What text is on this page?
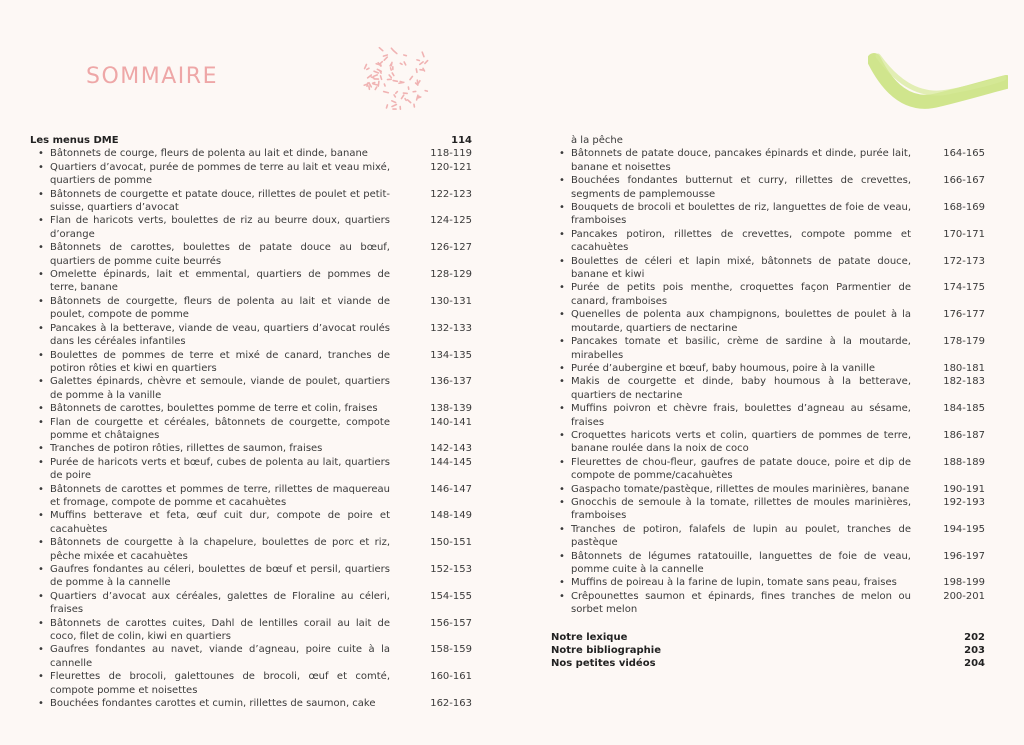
SOMMAIRE
Les menus DME	114
• Bâtonnets de courge, fleurs de polenta au lait et dinde, banane	118-119
• Quartiers d’avocat, purée de pommes de terre au lait et veau mixé, quartiers de pomme
120-121
• Bâtonnets de courgette et patate douce, rillettes de poulet et petit-suisse, quartiers d’avocat
122-123
• Flan de haricots verts, boulettes de riz au beurre doux, quartiers d’orange
124-125
• Bâtonnets de carottes, boulettes de patate douce au bœuf, quartiers de pomme cuite beurrés
126-127
• Omelette épinards, lait et emmental, quartiers de pommes de terre, banane
128-129
• Bâtonnets de courgette, fleurs de polenta au lait et viande de poulet, compote de pomme
130-131
• Pancakes à la betterave, viande de veau, quartiers d’avocat roulés dans les céréales infantiles
132-133
• Boulettes de pommes de terre et mixé de canard, tranches de potiron rôties et kiwi en quartiers
134-135
• Galettes épinards, chèvre et semoule, viande de poulet, quartiers de pomme à la vanille
136-137
• Bâtonnets de carottes, boulettes pomme de terre et colin, fraises	138-139
• Flan de courgette et céréales, bâtonnets de courgette, compote pomme et châtaignes
140-141
• Tranches de potiron rôties, rillettes de saumon, fraises	142-143
• Purée de haricots verts et bœuf, cubes de polenta au lait, quartiers de poire
144-145
• Bâtonnets de carottes et pommes de terre, rillettes de maquereau et fromage, compote de pomme et cacahuètes
146-147
• Muffins betterave et feta, œuf cuit dur, compote de poire et cacahuètes
148-149
• Bâtonnets de courgette à la chapelure, boulettes de porc et riz, pêche mixée et cacahuètes
150-151
• Gaufres fondantes au céleri, boulettes de bœuf et persil, quartiers de pomme à la cannelle
152-153
• Quartiers d’avocat aux céréales, galettes de Floraline au céleri, fraises
154-155
• Bâtonnets de carottes cuites, Dahl de lentilles corail au lait de coco, filet de colin, kiwi en quartiers
156-157
• Gaufres fondantes au navet, viande d’agneau, poire cuite à la cannelle
158-159
• Fleurettes de brocoli, galettounes de brocoli, œuf et comté, compote pomme et noisettes
160-161
• Bouchées fondantes carottes et cumin, rillettes de saumon, cake	162-163
à la pêche
• Bâtonnets de patate douce, pancakes épinards et dinde, purée lait, banane et noisettes
164-165
• Bouchées fondantes butternut et curry, rillettes de crevettes, segments de pamplemousse
166-167
• Bouquets de brocoli et boulettes de riz, languettes de foie de veau, framboises
168-169
• Pancakes potiron, rillettes de crevettes, compote pomme et cacahuètes
170-171
• Boulettes de céleri et lapin mixé, bâtonnets de patate douce, banane et kiwi
172-173
• Purée de petits pois menthe, croquettes façon Parmentier de canard, framboises
174-175
• Quenelles de polenta aux champignons, boulettes de poulet à la moutarde, quartiers de nectarine
176-177
• Pancakes tomate et basilic, crème de sardine à la moutarde, mirabelles
178-179
• Purée d’aubergine et bœuf, baby houmous, poire à la vanille	180-181
• Makis de courgette et dinde, baby houmous à la betterave, quartiers de nectarine
182-183
• Muffins poivron et chèvre frais, boulettes d’agneau au sésame, fraises
184-185
• Croquettes haricots verts et colin, quartiers de pommes de terre, banane roulée dans la noix de coco
186-187
• Fleurettes de chou-fleur, gaufres de patate douce, poire et dip de compote de pomme/cacahuètes
188-189
• Gaspacho tomate/pastèque, rillettes de moules marinières, banane	190-191
• Gnocchis de semoule à la tomate, rillettes de moules marinières, framboises
192-193
• Tranches de potiron, falafels de lupin au poulet, tranches de pastèque
194-195
• Bâtonnets de légumes ratatouille, languettes de foie de veau, pomme cuite à la cannelle
196-197
• Muffins de poireau à la farine de lupin, tomate sans peau, fraises	198-199
• Crêpounettes saumon et épinards, fines tranches de melon ou sorbet melon
200-201
Notre lexique	202
Notre bibliographie	203
Nos petites vidéos	204
